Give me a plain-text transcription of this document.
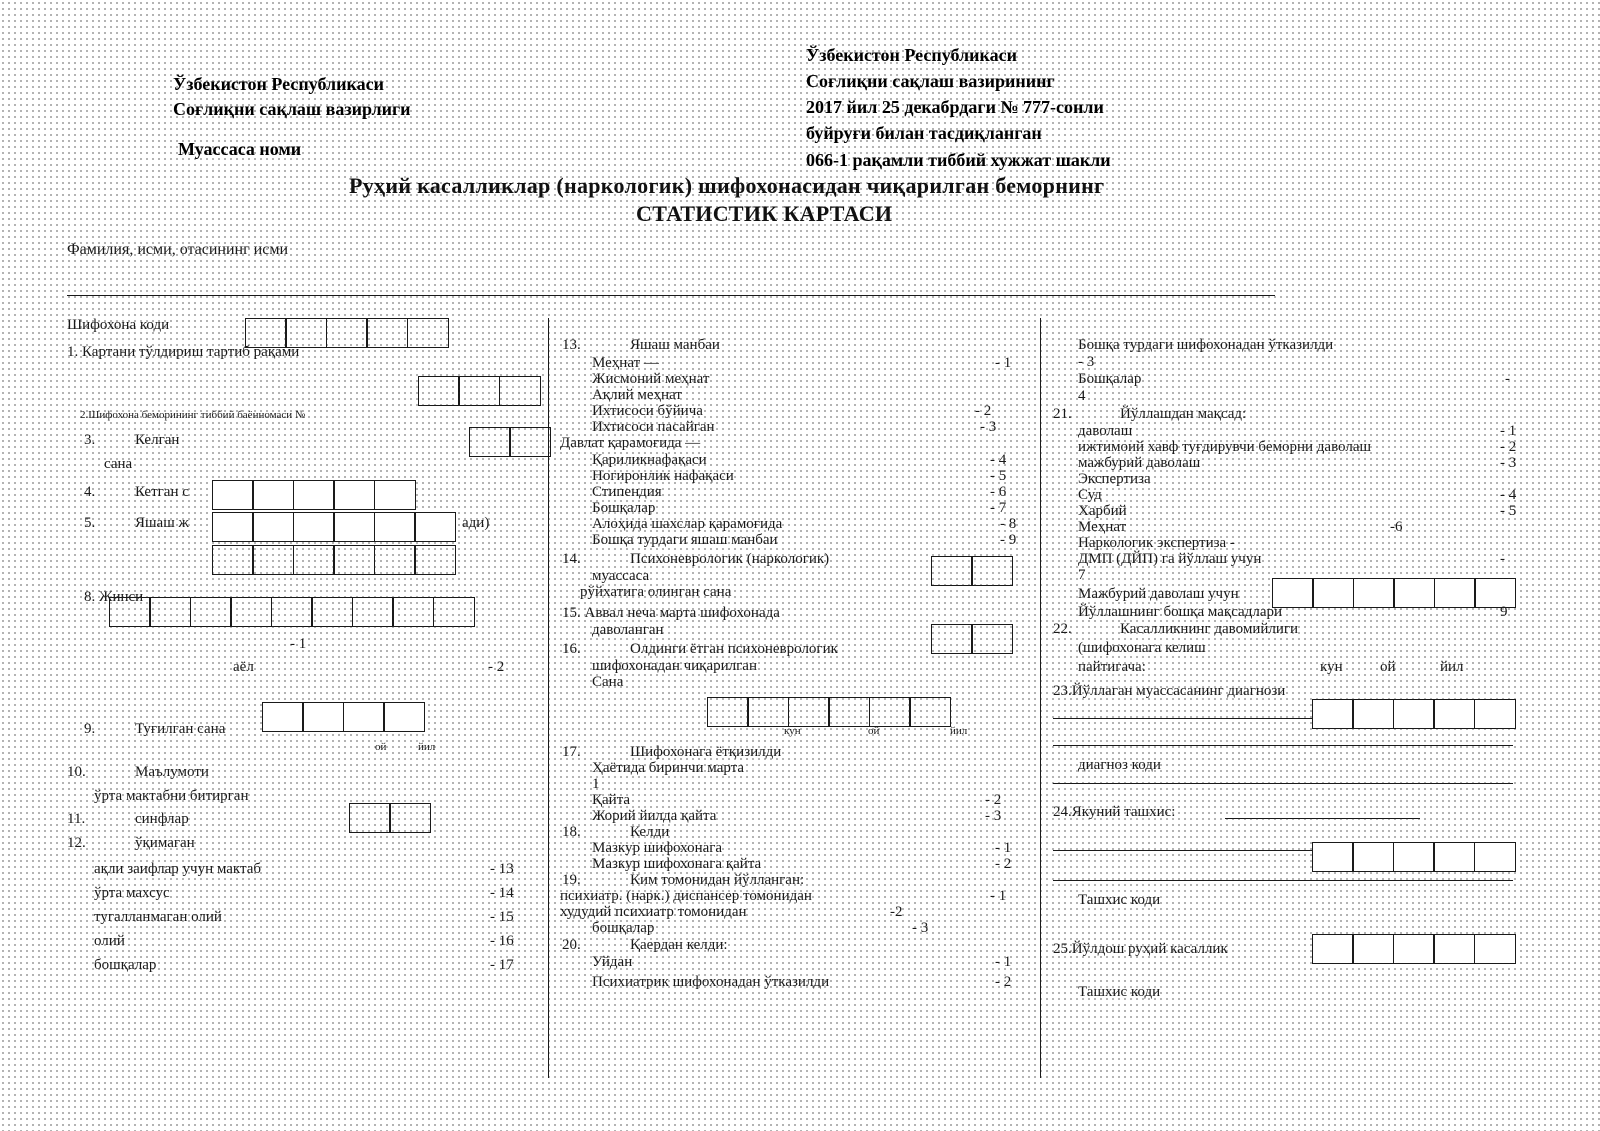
Ўзбекистон Республикаси
Соғлиқни сақлаш вазирлиги
Муассаса номи
Ўзбекистон Республикаси
Соғлиқни сақлаш вазирининг
2017 йил 25 декабрдаги № 777-сонли
буйруғи билан тасдиқланган
066-1 рақамли тиббий хужжат шакли
Руҳий касалликлар (наркологик) шифохонасидан чиқарилган беморнинг
СТАТИСТИК КАРТАСИ
Фамилия, исми, отасининг исми
Шифохона коди
1. Картани тўлдириш тартиб рақами
2.Шифохона беморининг тиббий баённомаси №
3.	Келган
сана
4.	Кетган с
5.	Яшаш ж	ади)
8. Жинси
- 1
аёл	- 2
9.	Туғилган сана
ой	йил
10.	Маълумоти
ўрта мактабни битирган
11.	синфлар
12.	ўқимаган
ақли заифлар учун мактаб	- 13
ўрта махсус	- 14
тугалланмаган олий	- 15
олий	- 16
бошқалар	- 17
13.	Яшаш манбаи
Меҳнат —	- 1
Жисмоний меҳнат
Ақлий меҳнат
Ихтисоси бўйича	- 2
Ихтисоси пасайган	- 3
Давлат қарамоғида —
Қариликнафақаси	- 4
Ногиронлик нафақаси	- 5
Стипендия	- 6
Бошқалар	- 7
Алоҳида шахслар қарамоғида	- 8
Бошқа турдаги яшаш манбаи	- 9
14.	Психоневрологик (наркологик)
муассаса
рўйхатига олинган сана
15. Аввал неча марта шифохонада
даволанган
16.	Олдинги ётган психоневрологик
шифохонадан чиқарилган
Сана
кун	ой	йил
17.	Шифохонага ётқизилди
Ҳаётида биринчи марта
1
Қайта	- 2
Жорий йилда қайта	- 3
18.	Келди
Мазкур шифохонага	- 1
Мазкур шифохонага қайта	- 2
19.	Ким томонидан йўлланган:
психиатр. (нарк.) диспансер томонидан	- 1
худудий психиатр томонидан	-2
бошқалар	- 3
20.	Қаердан келди:
Уйдан	- 1
Психиатрик шифохонадан ўтказилди	- 2
Бошқа турдаги шифохонадан ўтказилди
- 3
Бошқалар	-
4
21.	Йўллашдан мақсад:
даволаш	- 1
ижтимоий хавф туғдирувчи беморни даволаш	- 2
мажбурий даволаш	- 3
Экспертиза
Суд	- 4
Харбий	- 5
Меҳнат	-6
Наркологик экспертиза -
ДМП (ДЙП) га йўллаш учун	-
7
Мажбурий даволаш учун
Йўллашнинг бошқа мақсадлари	9
22.	Касалликнинг давомийлиги
(шифохонага келиш
пайтигача:	кун ой	йил
23.Йўллаган муассасанинг диагнози
диагноз коди
24.Якуний ташхис:
Ташхис коди
25.Йўлдош руҳий касаллик
Ташхис коди
